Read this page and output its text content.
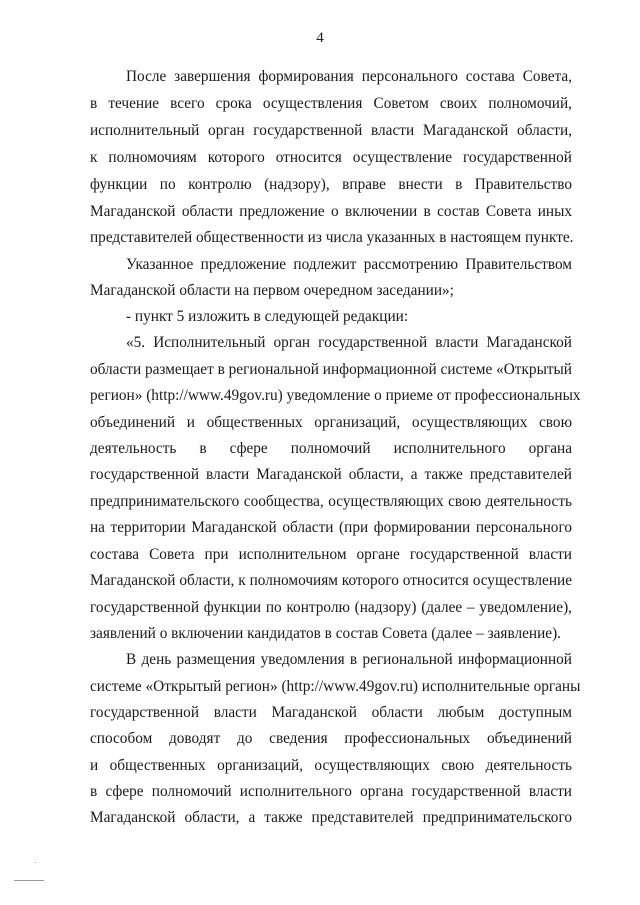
4
После завершения формирования персонального состава Совета,
в течение всего срока осуществления Советом своих полномочий,
исполнительный орган государственной власти Магаданской области,
к полномочиям которого относится осуществление государственной
функции по контролю (надзору), вправе внести в Правительство
Магаданской области предложение о включении в состав Совета иных
представителей общественности из числа указанных в настоящем пункте.
Указанное предложение подлежит рассмотрению Правительством
Магаданской области на первом очередном заседании»;
- пункт 5 изложить в следующей редакции:
«5. Исполнительный орган государственной власти Магаданской
области размещает в региональной информационной системе «Открытый
регион» (http://www.49gov.ru) уведомление о приеме от профессиональных
объединений и общественных организаций, осуществляющих свою
деятельность в сфере полномочий исполнительного органа
государственной власти Магаданской области, а также представителей
предпринимательского сообщества, осуществляющих свою деятельность
на территории Магаданской области (при формировании персонального
состава Совета при исполнительном органе государственной власти
Магаданской области, к полномочиям которого относится осуществление
государственной функции по контролю (надзору) (далее – уведомление),
заявлений о включении кандидатов в состав Совета (далее – заявление).
В день размещения уведомления в региональной информационной
системе «Открытый регион» (http://www.49gov.ru) исполнительные органы
государственной власти Магаданской области любым доступным
способом доводят до сведения профессиональных объединений
и общественных организаций, осуществляющих свою деятельность
в сфере полномочий исполнительного органа государственной власти
Магаданской области, а также представителей предпринимательского
